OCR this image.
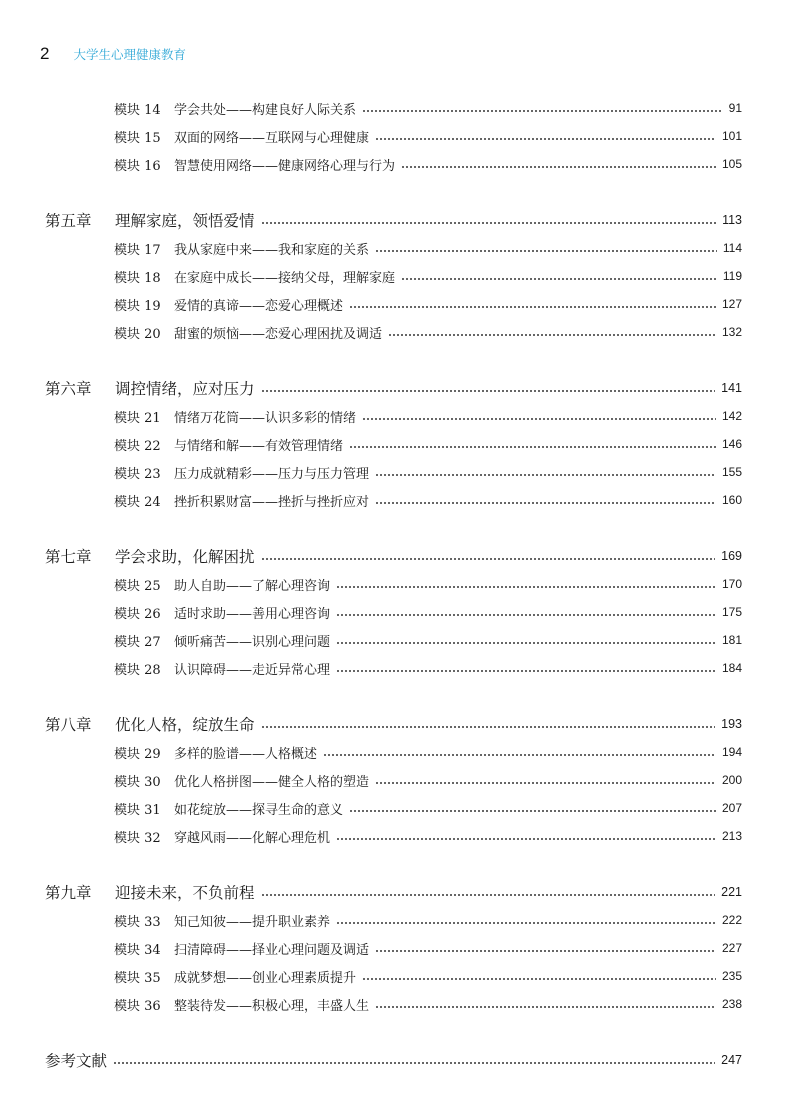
2 大学生心理健康教育
模块 14	学会共处——构建良好人际关系	91
模块 15	双面的网络——互联网与心理健康	101
模块 16	智慧使用网络——健康网络心理与行为	105
第五章	理解家庭，领悟爱情	113
模块 17	我从家庭中来——我和家庭的关系	114
模块 18	在家庭中成长——接纳父母，理解家庭	119
模块 19	爱情的真谛——恋爱心理概述	127
模块 20	甜蜜的烦恼——恋爱心理困扰及调适	132
第六章	调控情绪，应对压力	141
模块 21	情绪万花筒——认识多彩的情绪	142
模块 22	与情绪和解——有效管理情绪	146
模块 23	压力成就精彩——压力与压力管理	155
模块 24	挫折积累财富——挫折与挫折应对	160
第七章	学会求助，化解困扰	169
模块 25	助人自助——了解心理咨询	170
模块 26	适时求助——善用心理咨询	175
模块 27	倾听痛苦——识别心理问题	181
模块 28	认识障碍——走近异常心理	184
第八章	优化人格，绽放生命	193
模块 29	多样的脸谱——人格概述	194
模块 30	优化人格拼图——健全人格的塑造	200
模块 31	如花绽放——探寻生命的意义	207
模块 32	穿越风雨——化解心理危机	213
第九章	迎接未来，不负前程	221
模块 33	知己知彼——提升职业素养	222
模块 34	扫清障碍——择业心理问题及调适	227
模块 35	成就梦想——创业心理素质提升	235
模块 36	整装待发——积极心理，丰盛人生	238
参考文献	247
